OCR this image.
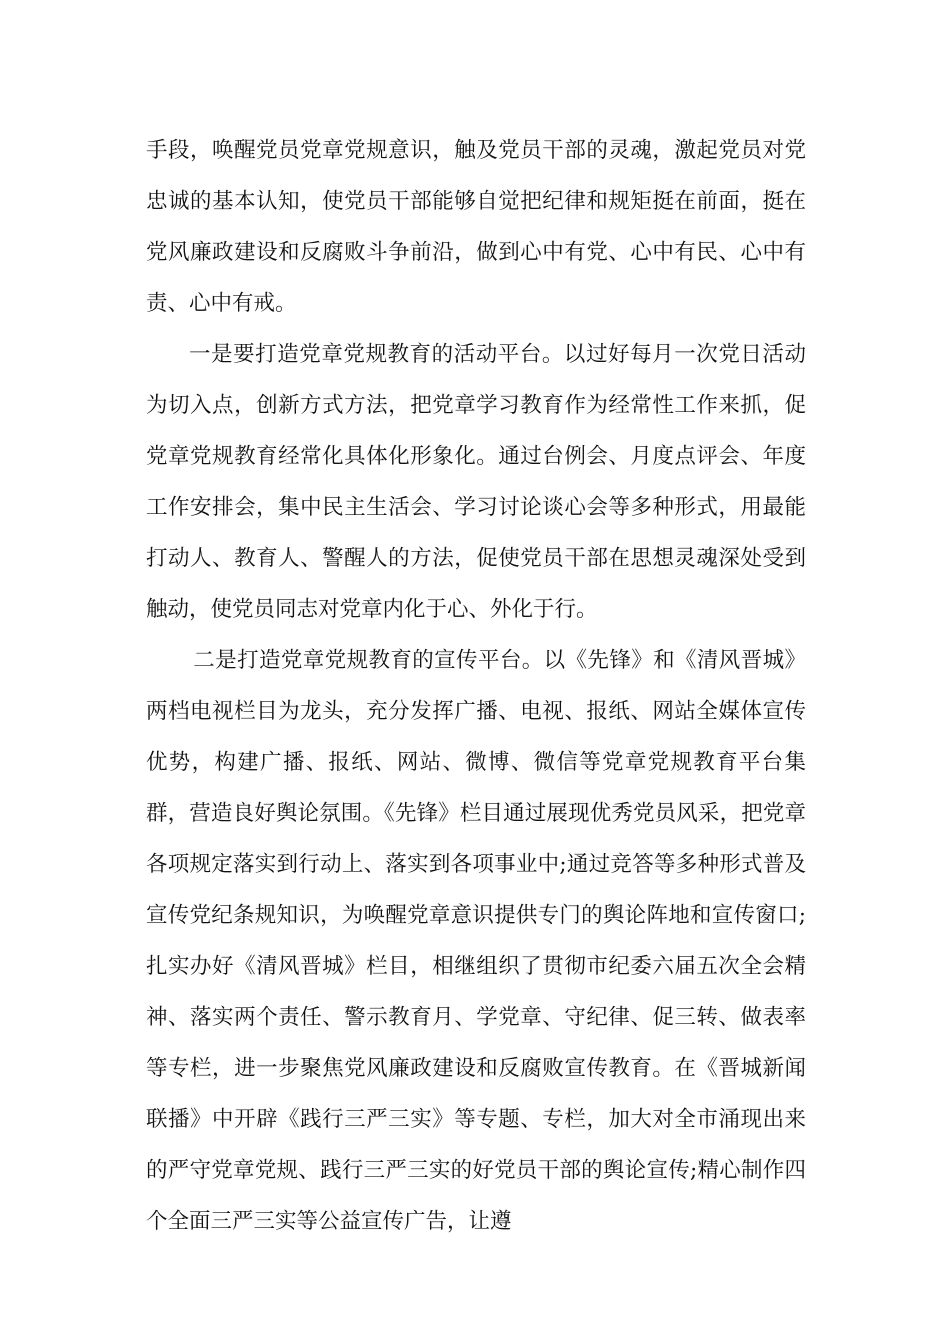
手段，唤醒党员党章党规意识，触及党员干部的灵魂，激起党员对党忠诚的基本认知，使党员干部能够自觉把纪律和规矩挺在前面，挺在党风廉政建设和反腐败斗争前沿，做到心中有党、心中有民、心中有责、心中有戒。

一是要打造党章党规教育的活动平台。以过好每月一次党日活动为切入点，创新方式方法，把党章学习教育作为经常性工作来抓，促党章党规教育经常化具体化形象化。通过台例会、月度点评会、年度工作安排会，集中民主生活会、学习讨论谈心会等多种形式，用最能打动人、教育人、警醒人的方法，促使党员干部在思想灵魂深处受到触动，使党员同志对党章内化于心、外化于行。

二是打造党章党规教育的宣传平台。以《先锋》和《清风晋城》两档电视栏目为龙头，充分发挥广播、电视、报纸、网站全媒体宣传优势，构建广播、报纸、网站、微博、微信等党章党规教育平台集群，营造良好舆论氛围。《先锋》栏目通过展现优秀党员风采，把党章各项规定落实到行动上、落实到各项事业中;通过竞答等多种形式普及宣传党纪条规知识，为唤醒党章意识提供专门的舆论阵地和宣传窗口;扎实办好《清风晋城》栏目，相继组织了贯彻市纪委六届五次全会精神、落实两个责任、警示教育月、学党章、守纪律、促三转、做表率等专栏，进一步聚焦党风廉政建设和反腐败宣传教育。在《晋城新闻联播》中开辟《践行三严三实》等专题、专栏，加大对全市涌现出来的严守党章党规、践行三严三实的好党员干部的舆论宣传;精心制作四个全面三严三实等公益宣传广告，让遵
